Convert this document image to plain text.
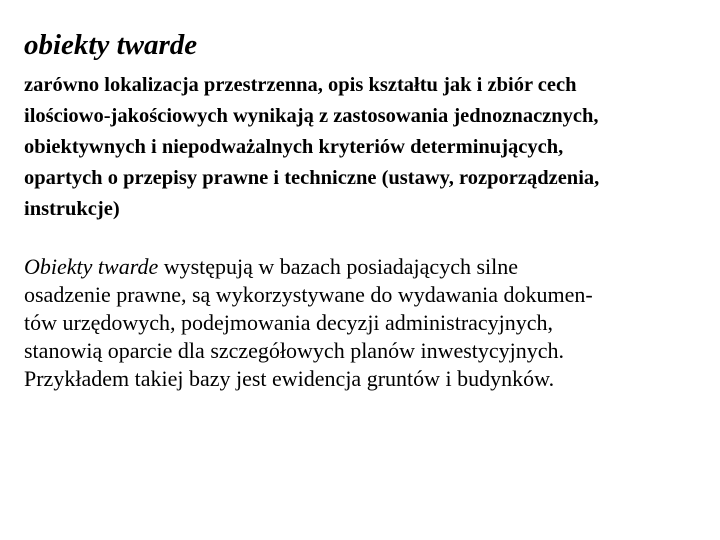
obiekty twarde
zarówno lokalizacja przestrzenna, opis kształtu jak i zbiór cech
ilościowo-jakościowych wynikają z zastosowania jednoznacznych,
obiektywnych i niepodważalnych kryteriów determinujących,
opartych o przepisy prawne i techniczne (ustawy, rozporządzenia,
instrukcje)
Obiekty twarde występują w bazach posiadających silne
osadzenie prawne, są wykorzystywane do wydawania dokumen-
tów urzędowych, podejmowania decyzji administracyjnych,
stanowią oparcie dla szczegółowych planów inwestycyjnych.
Przykładem takiej bazy jest ewidencja gruntów i budynków.
